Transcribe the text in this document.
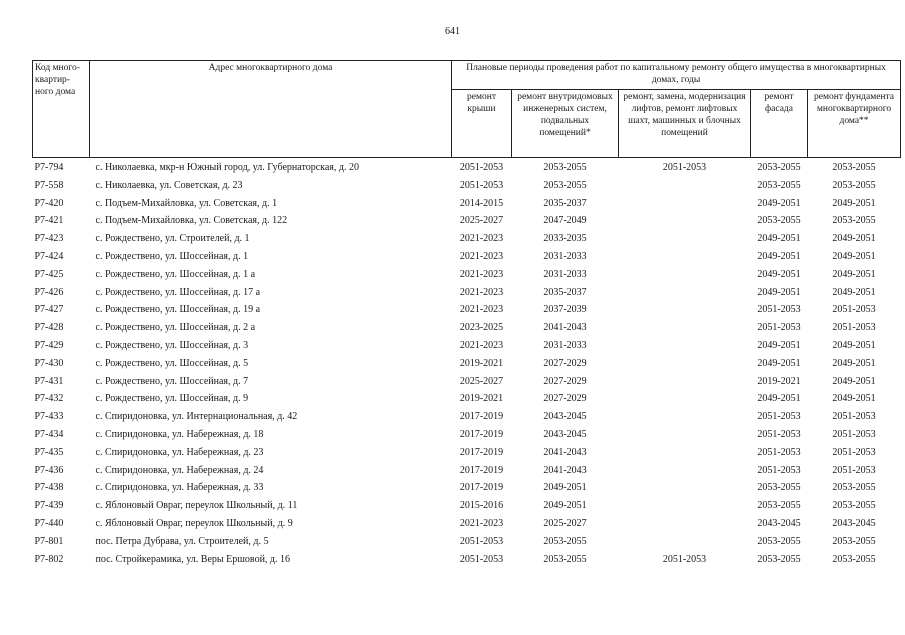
641
Код много-квартир-ного дома	Адрес многоквартирного дома	Плановые периоды проведения работ по капитальному ремонту общего имущества в многоквартирных домах, годы				
		ремонт крыши	ремонт внутридомовых инженерных систем, подвальных помещений*	ремонт, замена, модернизация лифтов, ремонт лифтовых шахт, машинных и блочных помещений	ремонт фасада	ремонт фундамента многоквартирного дома**
Р7-794	с. Николаевка, мкр-н Южный город, ул. Губернаторская, д. 20	2051-2053	2053-2055	2051-2053	2053-2055	2053-2055
Р7-558	с. Николаевка, ул. Советская, д. 23	2051-2053	2053-2055		2053-2055	2053-2055
Р7-420	с. Подъем-Михайловка, ул. Советская, д. 1	2014-2015	2035-2037		2049-2051	2049-2051
Р7-421	с. Подъем-Михайловка, ул. Советская, д. 122	2025-2027	2047-2049		2053-2055	2053-2055
Р7-423	с. Рождествено, ул. Строителей, д. 1	2021-2023	2033-2035		2049-2051	2049-2051
Р7-424	с. Рождествено, ул. Шоссейная, д. 1	2021-2023	2031-2033		2049-2051	2049-2051
Р7-425	с. Рождествено, ул. Шоссейная, д. 1 а	2021-2023	2031-2033		2049-2051	2049-2051
Р7-426	с. Рождествено, ул. Шоссейная, д. 17 а	2021-2023	2035-2037		2049-2051	2049-2051
Р7-427	с. Рождествено, ул. Шоссейная, д. 19 а	2021-2023	2037-2039		2051-2053	2051-2053
Р7-428	с. Рождествено, ул. Шоссейная, д. 2 а	2023-2025	2041-2043		2051-2053	2051-2053
Р7-429	с. Рождествено, ул. Шоссейная, д. 3	2021-2023	2031-2033		2049-2051	2049-2051
Р7-430	с. Рождествено, ул. Шоссейная, д. 5	2019-2021	2027-2029		2049-2051	2049-2051
Р7-431	с. Рождествено, ул. Шоссейная, д. 7	2025-2027	2027-2029		2019-2021	2049-2051
Р7-432	с. Рождествено, ул. Шоссейная, д. 9	2019-2021	2027-2029		2049-2051	2049-2051
Р7-433	с. Спиридоновка, ул. Интернациональная, д. 42	2017-2019	2043-2045		2051-2053	2051-2053
Р7-434	с. Спиридоновка, ул. Набережная, д. 18	2017-2019	2043-2045		2051-2053	2051-2053
Р7-435	с. Спиридоновка, ул. Набережная, д. 23	2017-2019	2041-2043		2051-2053	2051-2053
Р7-436	с. Спиридоновка, ул. Набережная, д. 24	2017-2019	2041-2043		2051-2053	2051-2053
Р7-438	с. Спиридоновка, ул. Набережная, д. 33	2017-2019	2049-2051		2053-2055	2053-2055
Р7-439	с. Яблоновый Овраг, переулок Школьный, д. 11	2015-2016	2049-2051		2053-2055	2053-2055
Р7-440	с. Яблоновый Овраг, переулок Школьный, д. 9	2021-2023	2025-2027		2043-2045	2043-2045
Р7-801	пос. Петра Дубрава, ул. Строителей, д. 5	2051-2053	2053-2055		2053-2055	2053-2055
Р7-802	пос. Стройкерамика, ул. Веры Ершовой, д. 16	2051-2053	2053-2055	2051-2053	2053-2055	2053-2055
